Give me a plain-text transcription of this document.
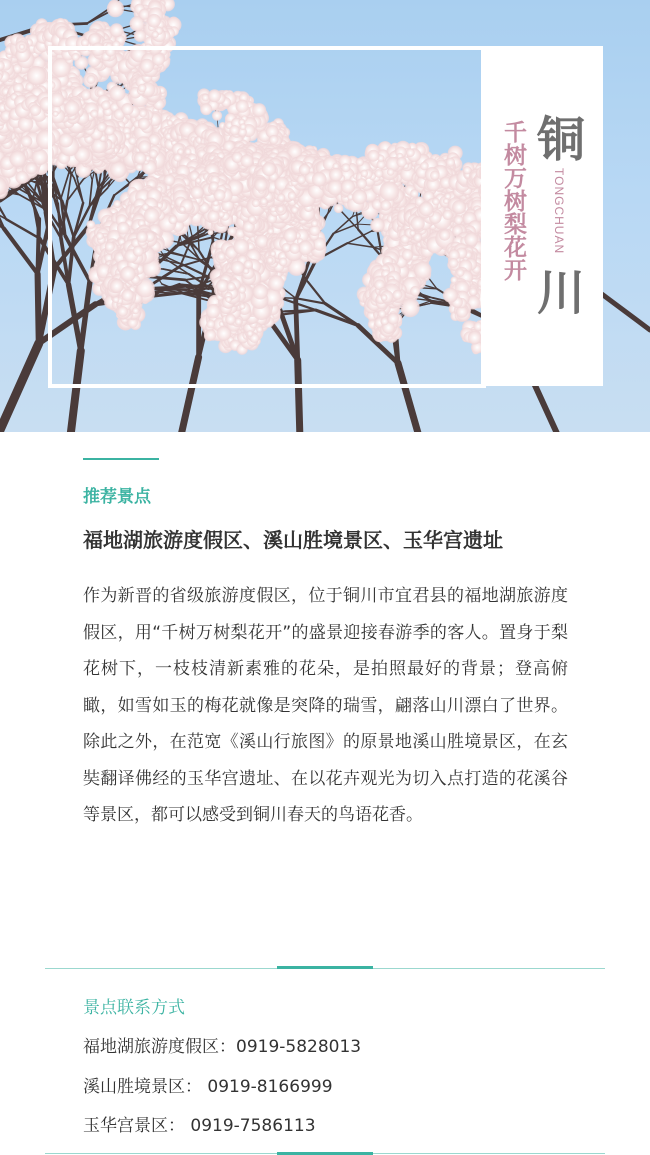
千树万树梨花开 铜
TONGCHUAN
川
推荐景点
福地湖旅游度假区、溪山胜境景区、玉华宫遗址
作为新晋的省级旅游度假区，位于铜川市宜君县的福地湖旅游度假区，用“千树万树梨花开”的盛景迎接春游季的客人。置身于梨花树下，一枝枝清新素雅的花朵，是拍照最好的背景；登高俯瞰，如雪如玉的梅花就像是突降的瑞雪，翩落山川漂白了世界。除此之外，在范宽《溪山行旅图》的原景地溪山胜境景区，在玄奘翻译佛经的玉华宫遗址、在以花卉观光为切入点打造的花溪谷等景区，都可以感受到铜川春天的鸟语花香。
景点联系方式
福地湖旅游度假区：0919-5828013
溪山胜境景区： 0919-8166999
玉华宫景区： 0919-7586113
